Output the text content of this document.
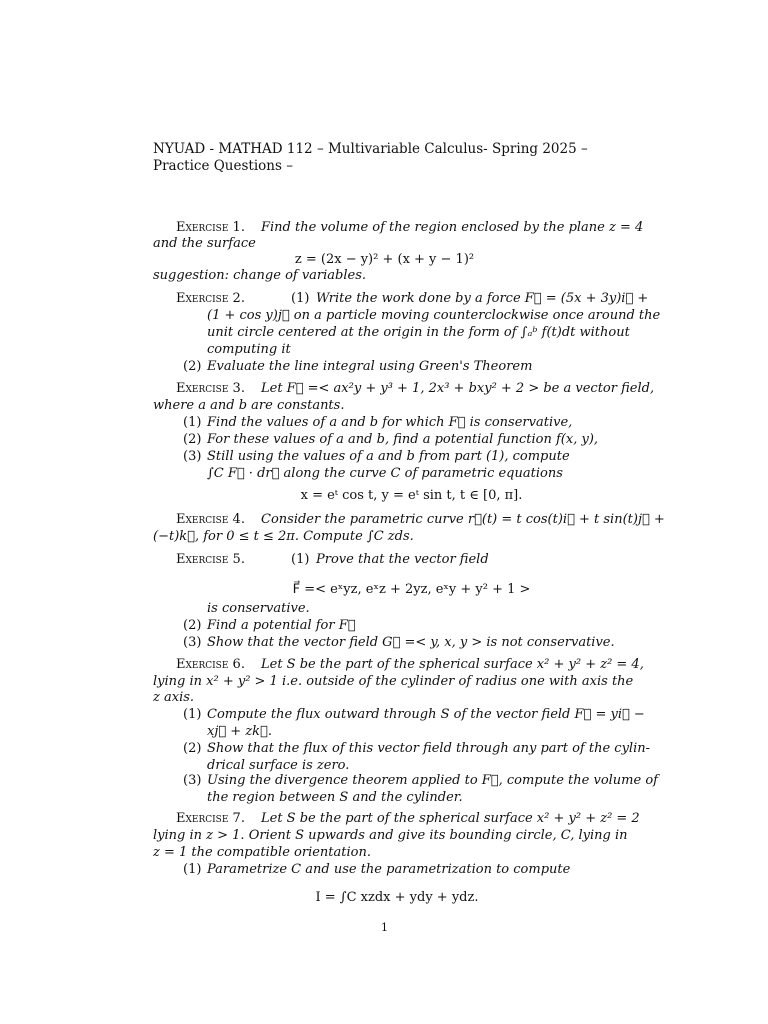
NYUAD - MATHAD 112 – Multivariable Calculus- Spring 2025 –
Practice Questions –
Exercise 1. Find the volume of the region enclosed by the plane z = 4
and the surface
z = (2x − y)² + (x + y − 1)²
suggestion: change of variables.
Exercise 2.	(1) Write the work done by a force F⃗ = (5x + 3y)i⃗ +
(1 + cos y)j⃗ on a particle moving counterclockwise once around the
unit circle centered at the origin in the form of ∫ₐᵇ f(t)dt without
computing it
(2) Evaluate the line integral using Green's Theorem
Exercise 3. Let F⃗ =< ax²y + y³ + 1, 2x³ + bxy² + 2 > be a vector field,
where a and b are constants.
(1) Find the values of a and b for which F⃗ is conservative,
(2) For these values of a and b, find a potential function f(x, y),
(3) Still using the values of a and b from part (1), compute
∫C F⃗ · dr⃗ along the curve C of parametric equations
x = eᵗ cos t, y = eᵗ sin t, t ∈ [0, π].
Exercise 4. Consider the parametric curve r⃗(t) = t cos(t)i⃗ + t sin(t)j⃗ +
(−t)k⃗, for 0 ≤ t ≤ 2π. Compute ∫C zds.
Exercise 5.	(1) Prove that the vector field
F⃗ =< eˣyz, eˣz + 2yz, eˣy + y² + 1 >
is conservative.
(2) Find a potential for F⃗
(3) Show that the vector field G⃗ =< y, x, y > is not conservative.
Exercise 6. Let S be the part of the spherical surface x² + y² + z² = 4,
lying in x² + y² > 1 i.e. outside of the cylinder of radius one with axis the
z axis.
(1) Compute the flux outward through S of the vector field F⃗ = yi⃗ −
xj⃗ + zk⃗.
(2) Show that the flux of this vector field through any part of the cylin-
drical surface is zero.
(3) Using the divergence theorem applied to F⃗, compute the volume of
the region between S and the cylinder.
Exercise 7. Let S be the part of the spherical surface x² + y² + z² = 2
lying in z > 1. Orient S upwards and give its bounding circle, C, lying in
z = 1 the compatible orientation.
(1) Parametrize C and use the parametrization to compute
I = ∫C xzdx + ydy + ydz.
1
